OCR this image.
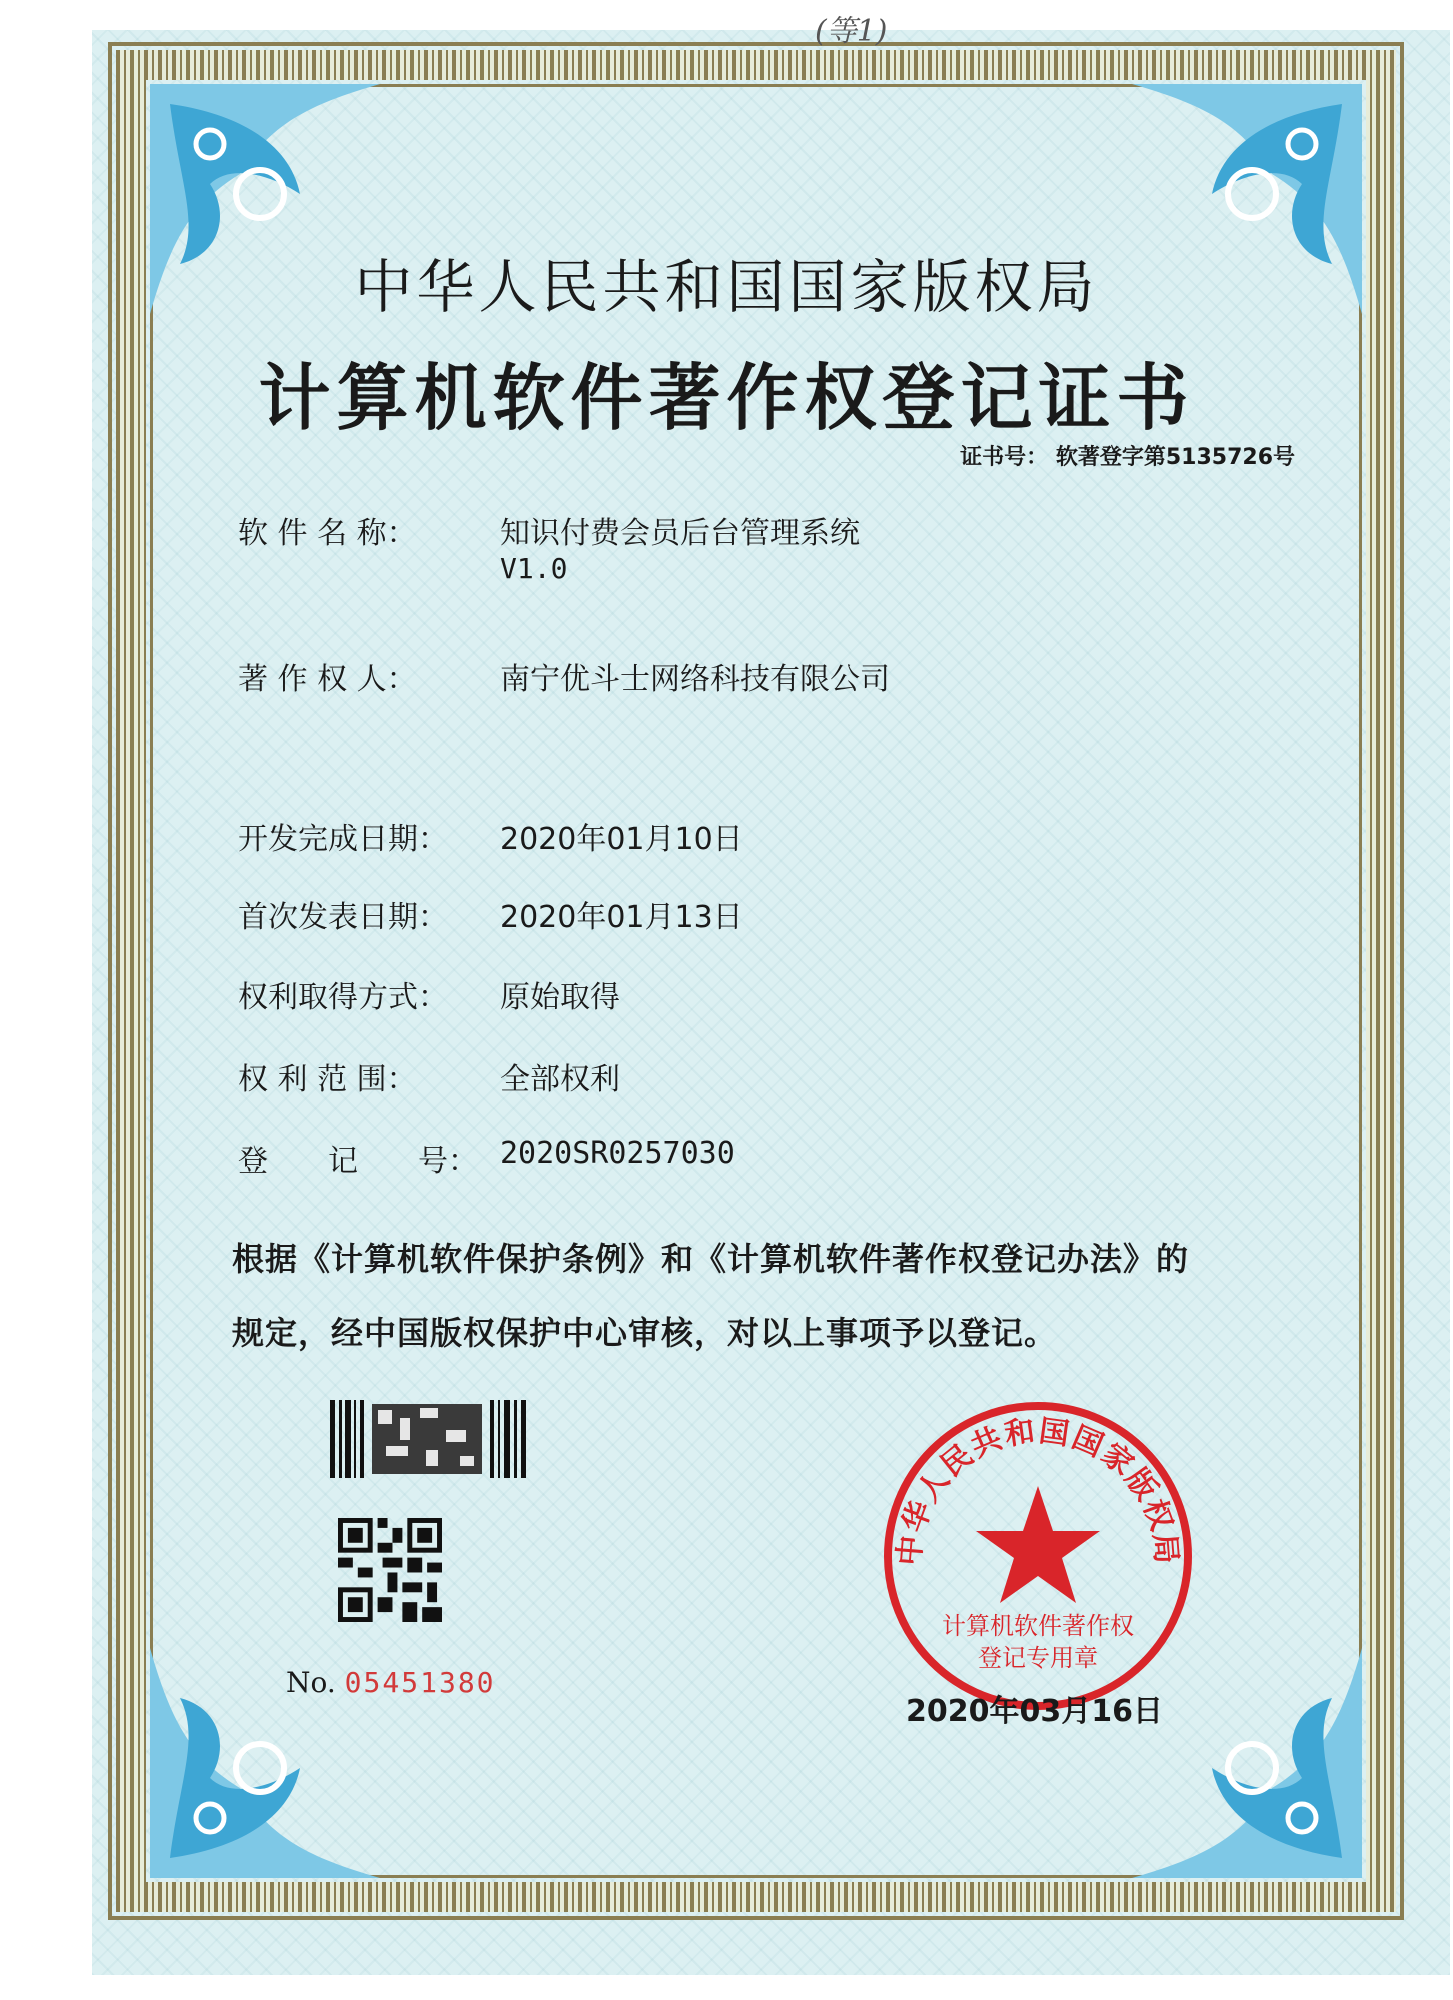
(等1)
中华人民共和国国家版权局
计算机软件著作权登记证书
证书号： 软著登字第5135726号
软 件 名 称：	知识付费会员后台管理系统
V1.0
著 作 权 人：	南宁优斗士网络科技有限公司
开发完成日期： 2020年01月10日
首次发表日期： 2020年01月13日
权利取得方式： 原始取得
权 利 范 围：	全部权利
登　　记　　号： 2020SR0257030
根据《计算机软件保护条例》和《计算机软件著作权登记办法》的
规定，经中国版权保护中心审核，对以上事项予以登记。
No. 05451380
中华人民共和国国家版权局
计算机软件著作权
登记专用章
2020年03月16日
